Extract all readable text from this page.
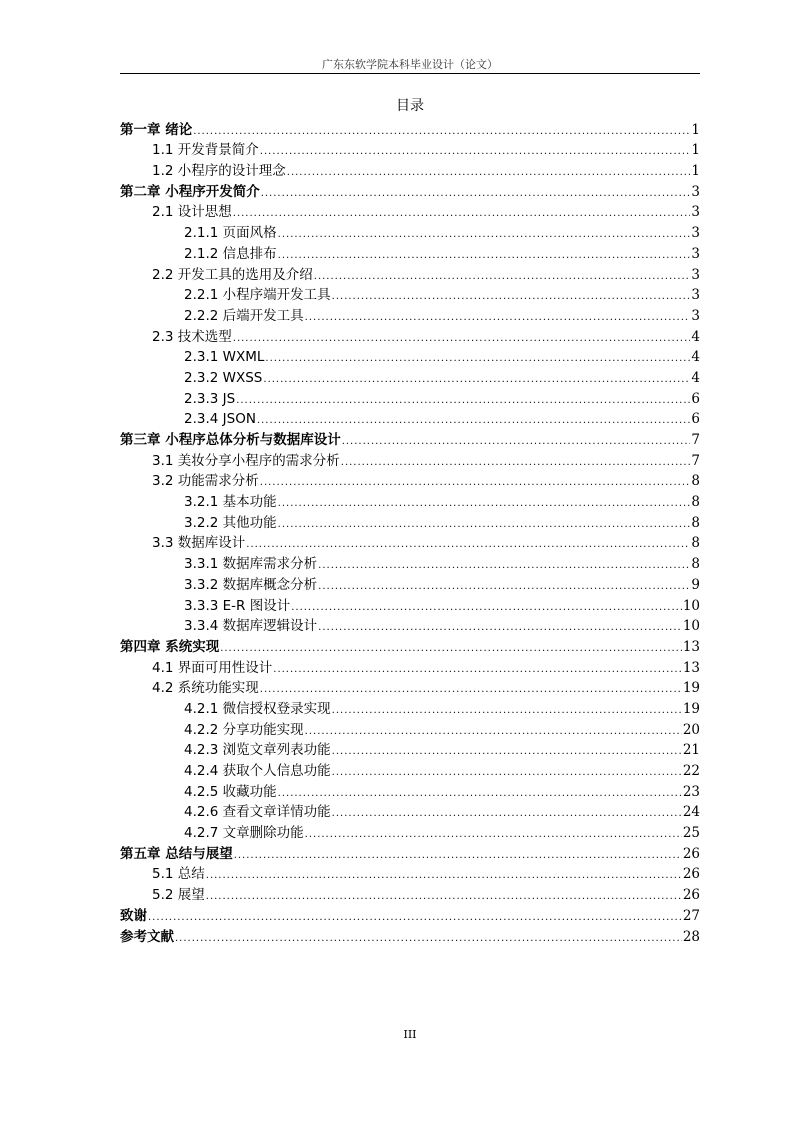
广东东软学院本科毕业设计（论文）
目录
第一章 绪论 .....	1
1.1 开发背景简介 .....	1
1.2 小程序的设计理念 .....	1
第二章 小程序开发简介 .....	3
2.1 设计思想 .....	3
2.1.1 页面风格 .....	3
2.1.2 信息排布 .....	3
2.2 开发工具的选用及介绍 .....	3
2.2.1 小程序端开发工具 .....	3
2.2.2 后端开发工具 .....	3
2.3 技术选型 .....	4
2.3.1 WXML .....	4
2.3.2 WXSS .....	4
2.3.3 JS .....	6
2.3.4 JSON .....	6
第三章 小程序总体分析与数据库设计 .....	7
3.1 美妆分享小程序的需求分析 .....	7
3.2 功能需求分析 .....	8
3.2.1 基本功能 .....	8
3.2.2 其他功能 .....	8
3.3 数据库设计 .....	8
3.3.1 数据库需求分析 .....	8
3.3.2 数据库概念分析 .....	9
3.3.3 E-R 图设计 .....	10
3.3.4 数据库逻辑设计 .....	10
第四章 系统实现 .....	13
4.1 界面可用性设计 .....	13
4.2 系统功能实现 .....	19
4.2.1 微信授权登录实现 .....	19
4.2.2 分享功能实现 .....	20
4.2.3 浏览文章列表功能 .....	21
4.2.4 获取个人信息功能 .....	22
4.2.5 收藏功能 .....	23
4.2.6 查看文章详情功能 .....	24
4.2.7 文章删除功能 .....	25
第五章 总结与展望 .....	26
5.1 总结 .....	26
5.2 展望 .....	26
致谢 .....	27
参考文献 .....	28
III
